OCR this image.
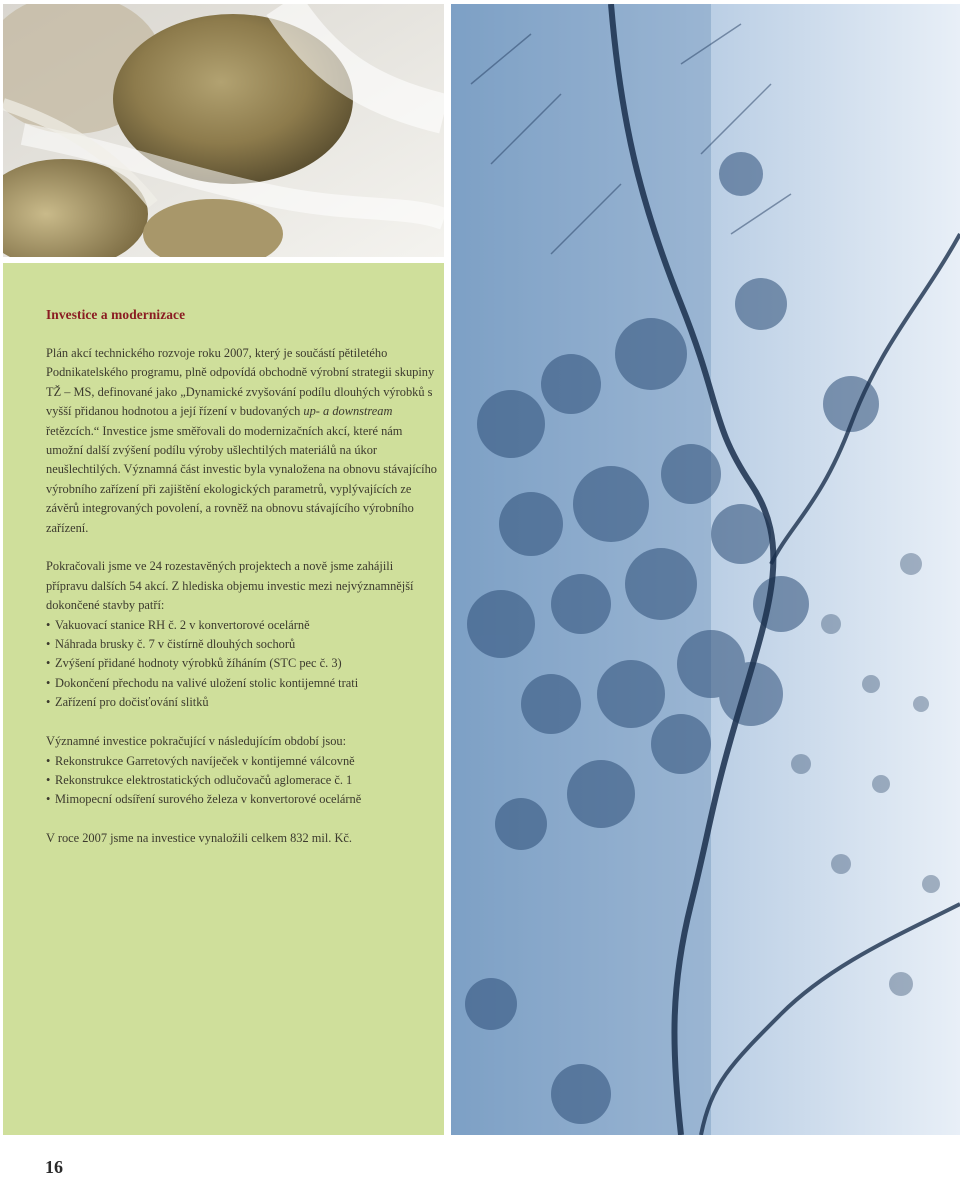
Investice a modernizace

Plán akcí technického rozvoje roku 2007, který je součástí pětiletého Podnikatelského programu, plně odpovídá obchodně výrobní strategii skupiny TŽ – MS, definované jako „Dynamické zvyšování podílu dlouhých výrobků s vyšší přidanou hodnotou a její řízení v budovaných up- a downstream řetězcích.“ Investice jsme směřovali do modernizačních akcí, které nám umožní další zvýšení podílu výroby ušlechtilých materiálů na úkor neušlechtilých. Významná část investic byla vynaložena na obnovu stávajícího výrobního zařízení při zajištění ekologických parametrů, vyplývajících ze závěrů integrovaných povolení, a rovněž na obnovu stávajícího výrobního zařízení.

Pokračovali jsme ve 24 rozestavěných projektech a nově jsme zahájili přípravu dalších 54 akcí. Z hlediska objemu investic mezi nejvýznamnější dokončené stavby patří:

• Vakuovací stanice RH č. 2 v konvertorové ocelárně
• Náhrada brusky č. 7 v čistírně dlouhých sochorů
• Zvýšení přidané hodnoty výrobků žíháním (STC pec č. 3)
• Dokončení přechodu na valivé uložení stolic kontijemné trati
• Zařízení pro dočisťování slitků

Významné investice pokračující v následujícím období jsou:

• Rekonstrukce Garretových navíječek v kontijemné válcovně
• Rekonstrukce elektrostatických odlučovačů aglomerace č. 1
• Mimopecní odsíření surového železa v konvertorové ocelárně

V roce 2007 jsme na investice vynaložili celkem 832 mil. Kč.

16
